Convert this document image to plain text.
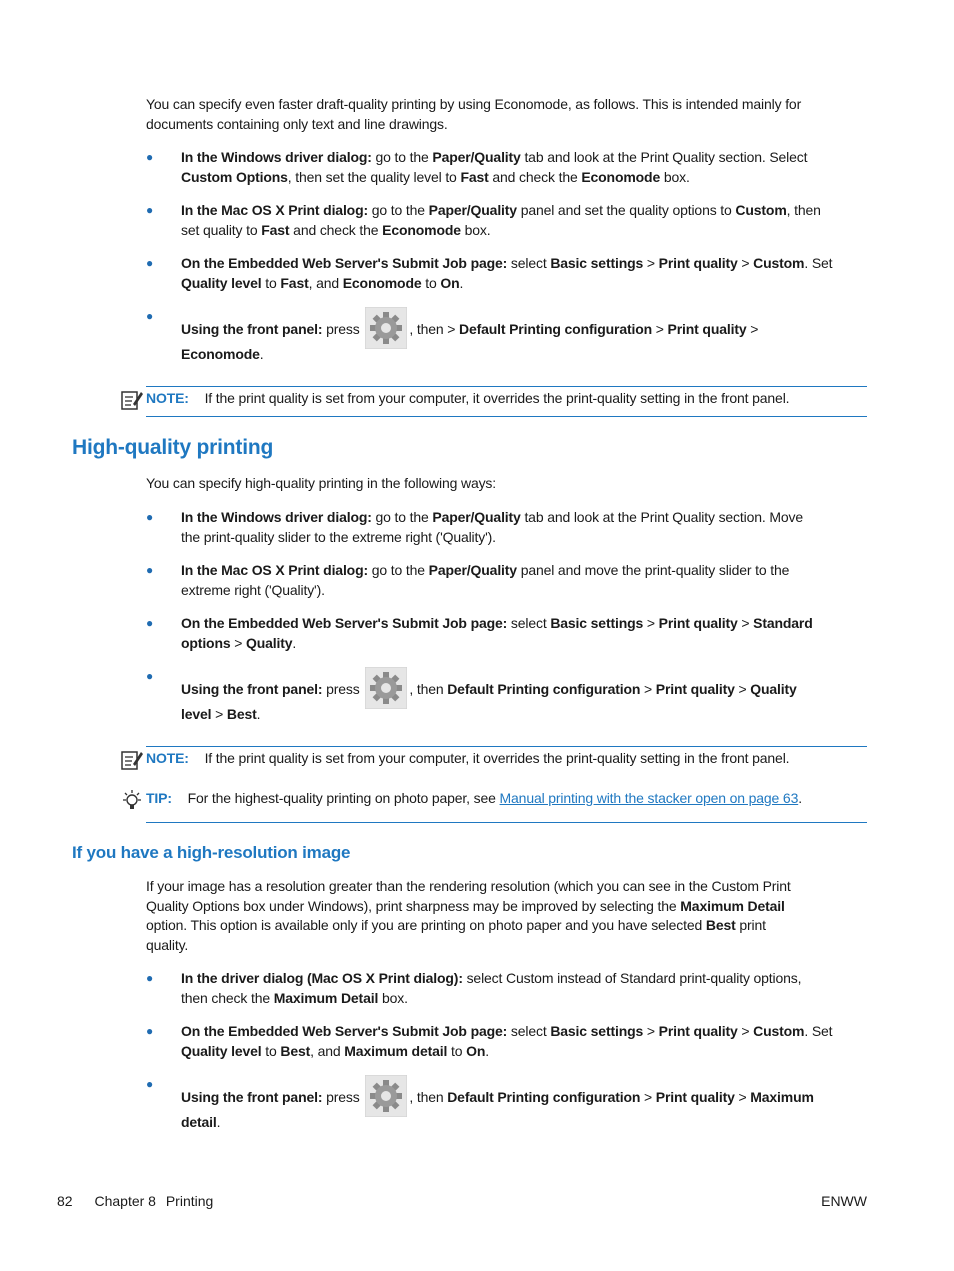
You can specify even faster draft-quality printing by using Economode, as follows. This is intended mainly for
documents containing only text and line drawings.
● In the Windows driver dialog: go to the Paper/Quality tab and look at the Print Quality section. Select
Custom Options, then set the quality level to Fast and check the Economode box.
● In the Mac OS X Print dialog: go to the Paper/Quality panel and set the quality options to Custom, then
set quality to Fast and check the Economode box.
● On the Embedded Web Server's Submit Job page: select Basic settings > Print quality > Custom. Set
Quality level to Fast, and Economode to On.
●
Using the front panel: press	, then > Default Printing configuration > Print quality >
Economode.
NOTE: If the print quality is set from your computer, it overrides the print-quality setting in the front panel.
High-quality printing
You can specify high-quality printing in the following ways:
● In the Windows driver dialog: go to the Paper/Quality tab and look at the Print Quality section. Move
the print-quality slider to the extreme right ('Quality').
● In the Mac OS X Print dialog: go to the Paper/Quality panel and move the print-quality slider to the
extreme right ('Quality').
● On the Embedded Web Server's Submit Job page: select Basic settings > Print quality > Standard
options > Quality.
●
Using the front panel: press	, then Default Printing configuration > Print quality > Quality
level > Best.
NOTE: If the print quality is set from your computer, it overrides the print-quality setting in the front panel.
TIP: For the highest-quality printing on photo paper, see Manual printing with the stacker open on page 63.
If you have a high-resolution image
If your image has a resolution greater than the rendering resolution (which you can see in the Custom Print
Quality Options box under Windows), print sharpness may be improved by selecting the Maximum Detail
option. This option is available only if you are printing on photo paper and you have selected Best print
quality.
● In the driver dialog (Mac OS X Print dialog): select Custom instead of Standard print-quality options,
then check the Maximum Detail box.
● On the Embedded Web Server's Submit Job page: select Basic settings > Print quality > Custom. Set
Quality level to Best, and Maximum detail to On.
●
Using the front panel: press	, then Default Printing configuration > Print quality > Maximum
detail.
82 Chapter 8 Printing	ENWW
